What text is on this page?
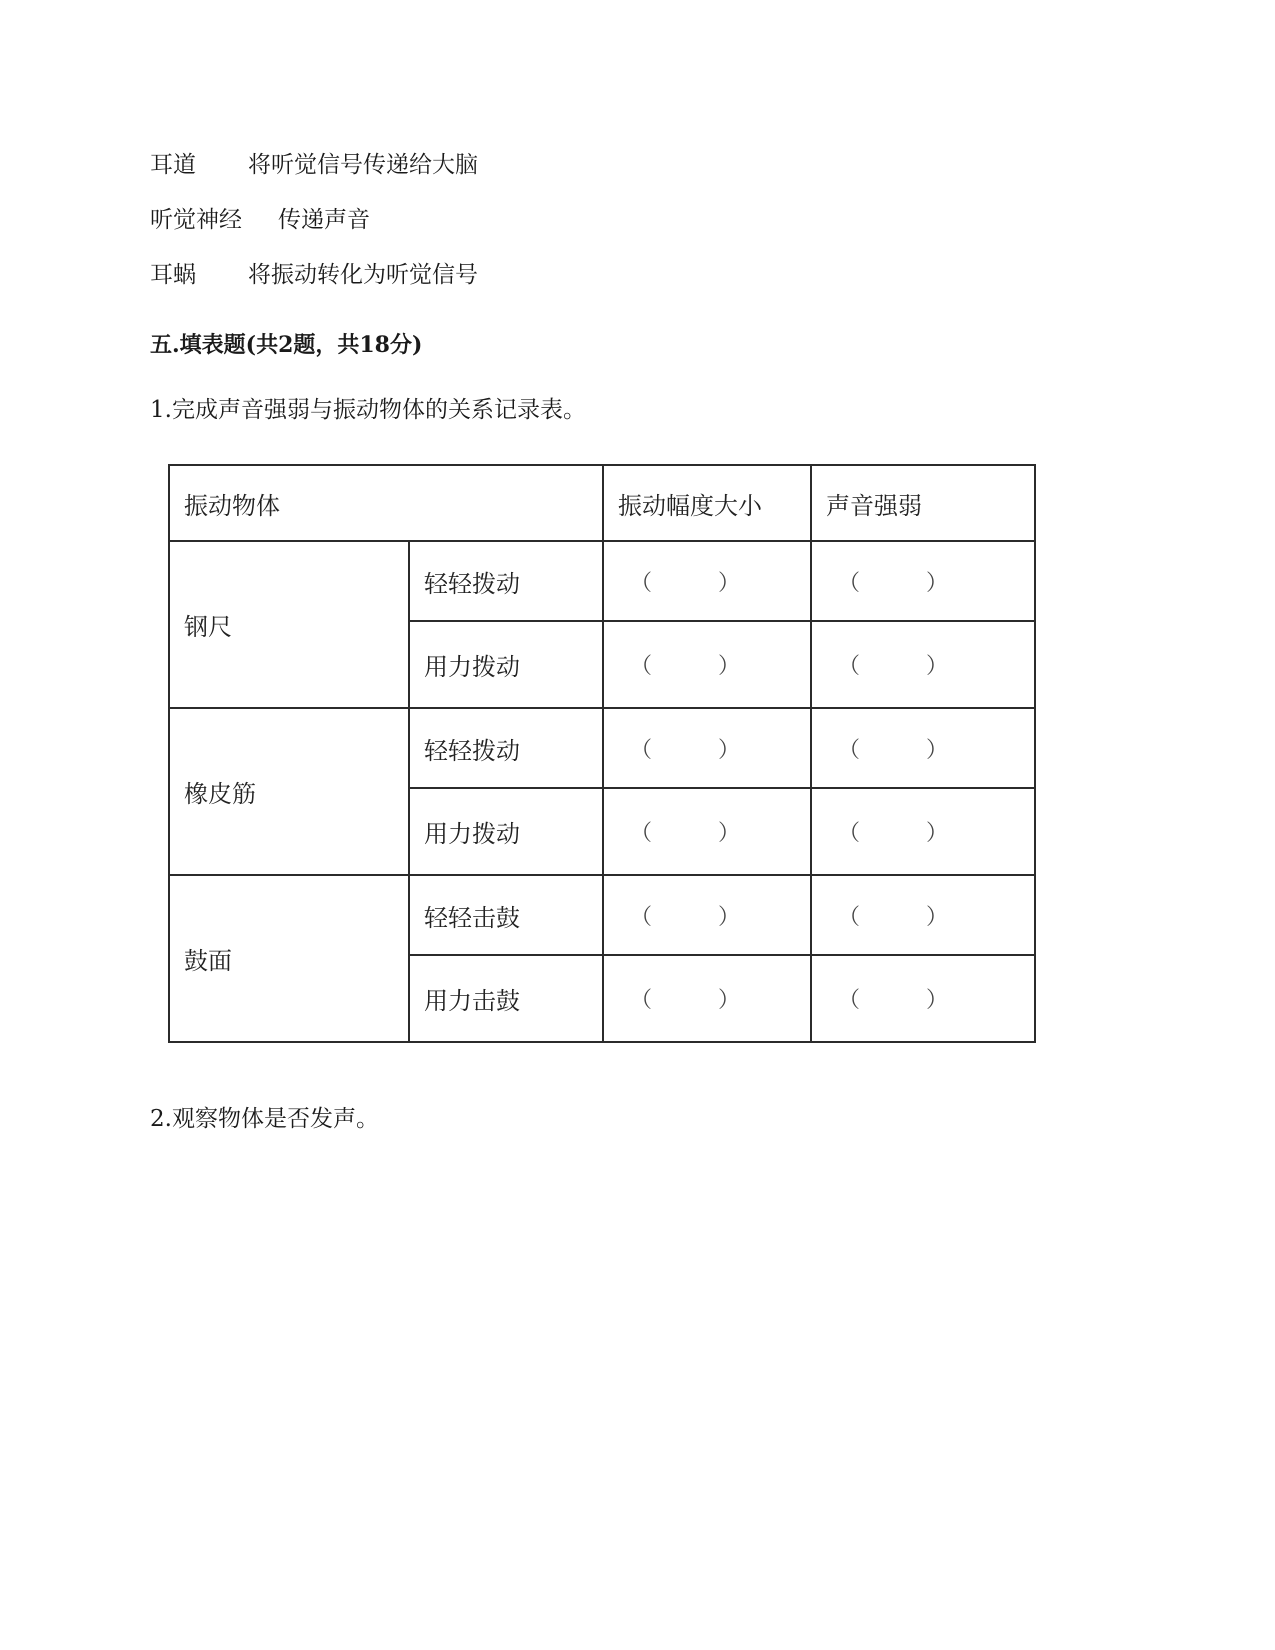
耳道	将听觉信号传递给大脑
听觉神经	传递声音
耳蜗	将振动转化为听觉信号
五.填表题(共2题，共18分)
1.完成声音强弱与振动物体的关系记录表。
振动物体		振动幅度大小	声音强弱
钢尺	轻轻拨动	（ ）	（ ）

	用力拨动	（ ）	（ ）

橡皮筋	轻轻拨动	（ ）	（ ）

	用力拨动	（ ）	（ ）

鼓面	轻轻击鼓	（ ）	（ ）

	用力击鼓	（ ）	（ ）
2.观察物体是否发声。
